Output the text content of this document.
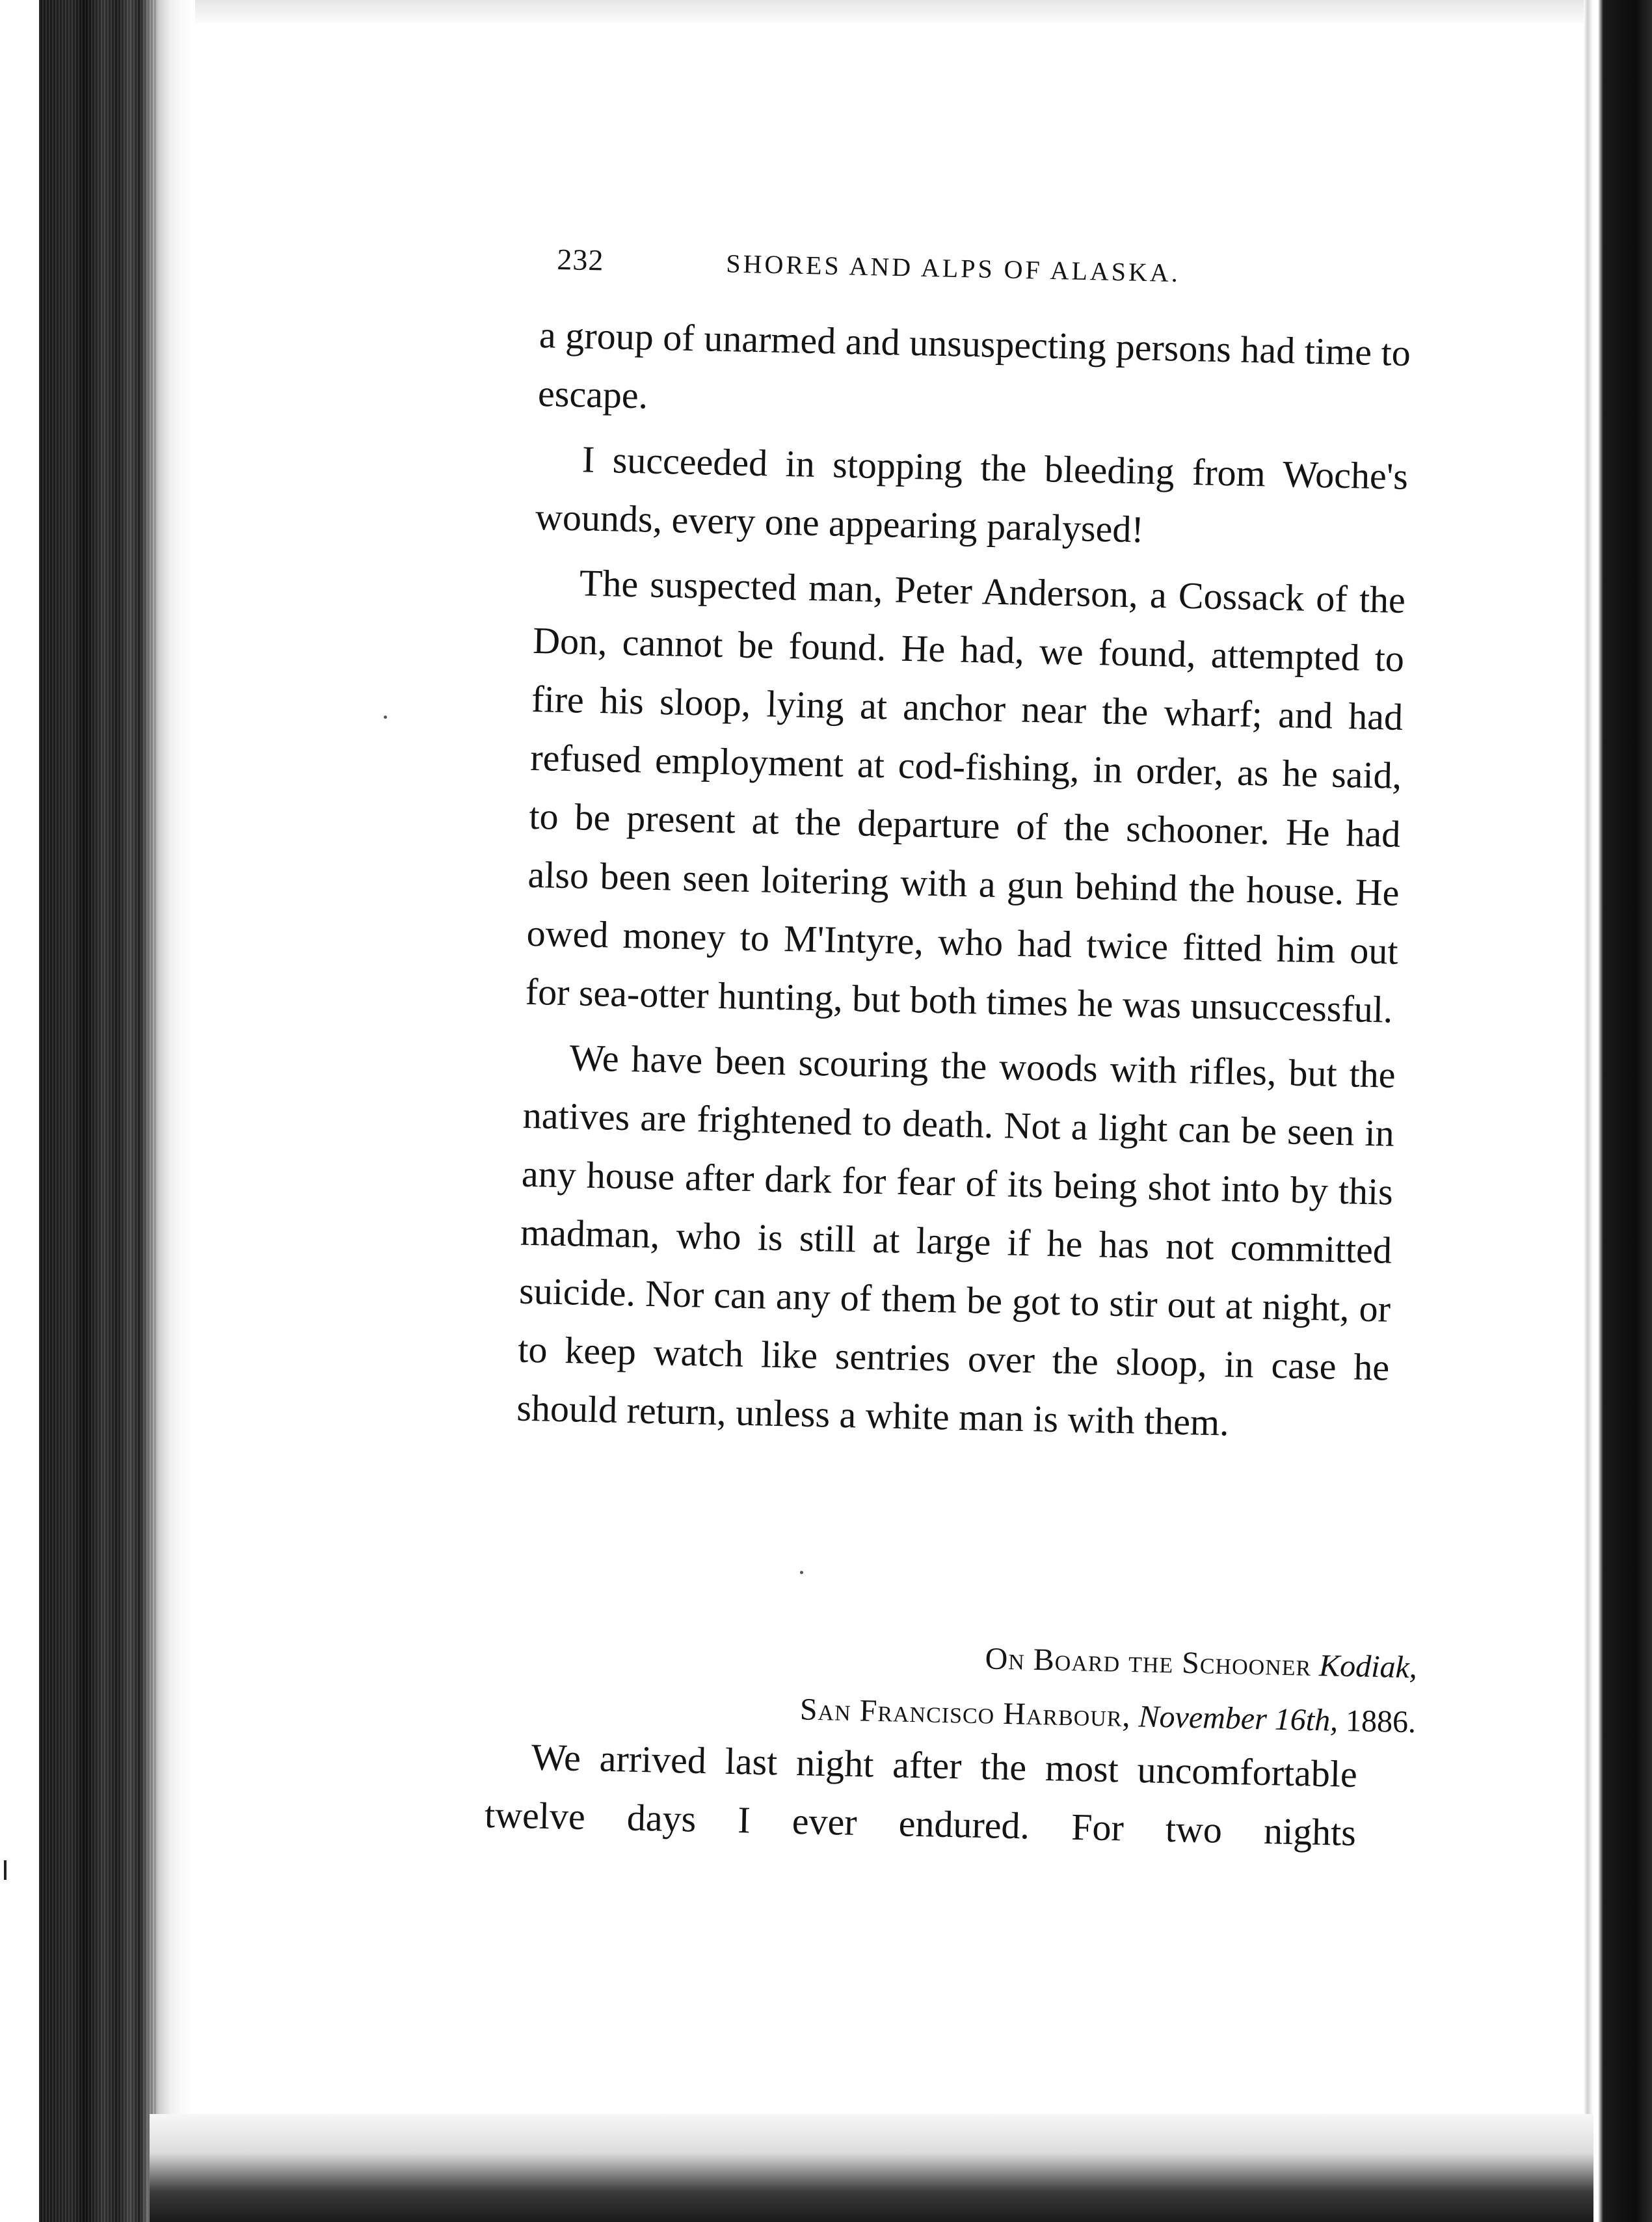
232	SHORES AND ALPS OF ALASKA.

a group of unarmed and unsuspecting persons had time to escape.

I succeeded in stopping the bleeding from Woche's wounds, every one appearing paralysed!

The suspected man, Peter Anderson, a Cossack of the Don, cannot be found. He had, we found, attempted to fire his sloop, lying at anchor near the wharf; and had refused employment at cod-fishing, in order, as he said, to be present at the departure of the schooner. He had also been seen loitering with a gun behind the house. He owed money to M'Intyre, who had twice fitted him out for sea-otter hunting, but both times he was unsuccessful.

We have been scouring the woods with rifles, but the natives are frightened to death. Not a light can be seen in any house after dark for fear of its being shot into by this madman, who is still at large if he has not committed suicide. Nor can any of them be got to stir out at night, or to keep watch like sentries over the sloop, in case he should return, unless a white man is with them.

On Board the Schooner Kodiak,
San Francisco Harbour, November 16th, 1886.

We arrived last night after the most uncomfortable twelve days I ever endured. For two nights
